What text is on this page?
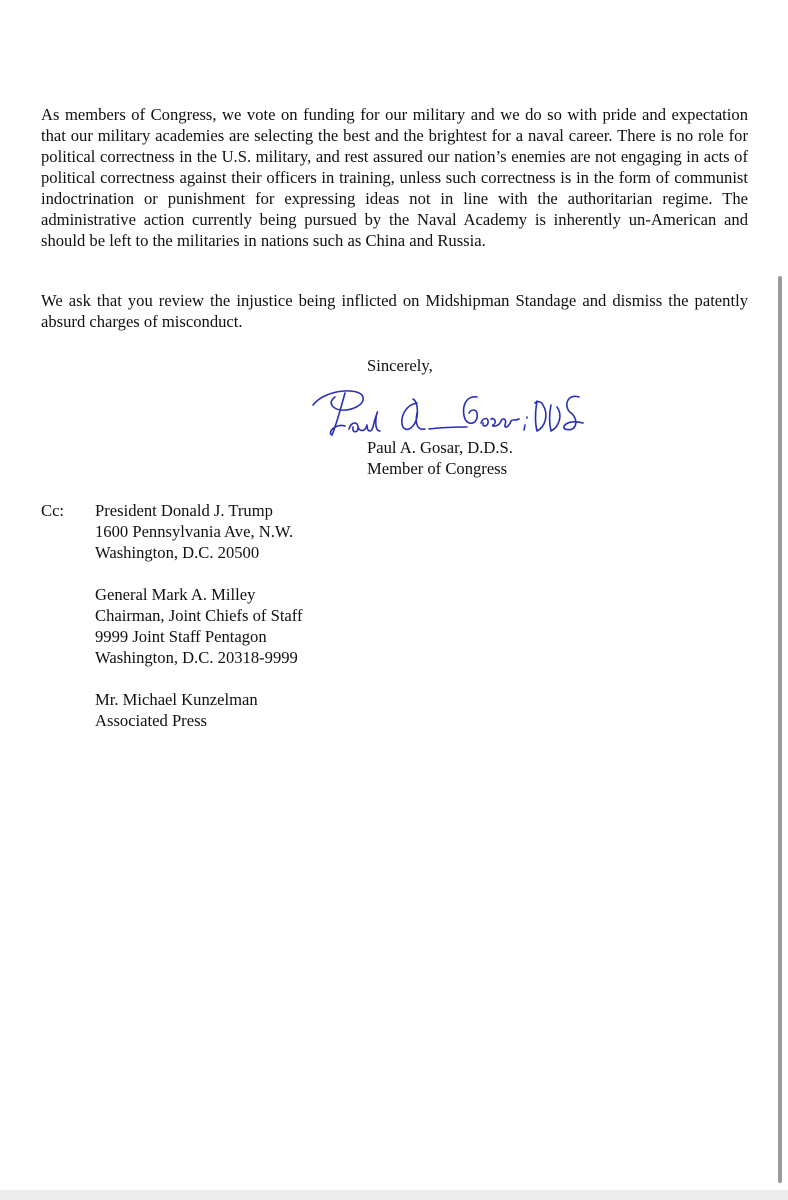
As members of Congress, we vote on funding for our military and we do so with pride and expectation that our military academies are selecting the best and the brightest for a naval career. There is no role for political correctness in the U.S. military, and rest assured our nation’s enemies are not engaging in acts of political correctness against their officers in training, unless such correctness is in the form of communist indoctrination or punishment for expressing ideas not in line with the authoritarian regime. The administrative action currently being pursued by the Naval Academy is inherently un-American and should be left to the militaries in nations such as China and Russia.

We ask that you review the injustice being inflicted on Midshipman Standage and dismiss the patently absurd charges of misconduct.

Sincerely,
Paul A. Gosar, D.D.S.
Member of Congress
Cc: President Donald J. Trump
1600 Pennsylvania Ave, N.W.
Washington, D.C. 20500
General Mark A. Milley
Chairman, Joint Chiefs of Staff
9999 Joint Staff Pentagon
Washington, D.C. 20318-9999
Mr. Michael Kunzelman
Associated Press
